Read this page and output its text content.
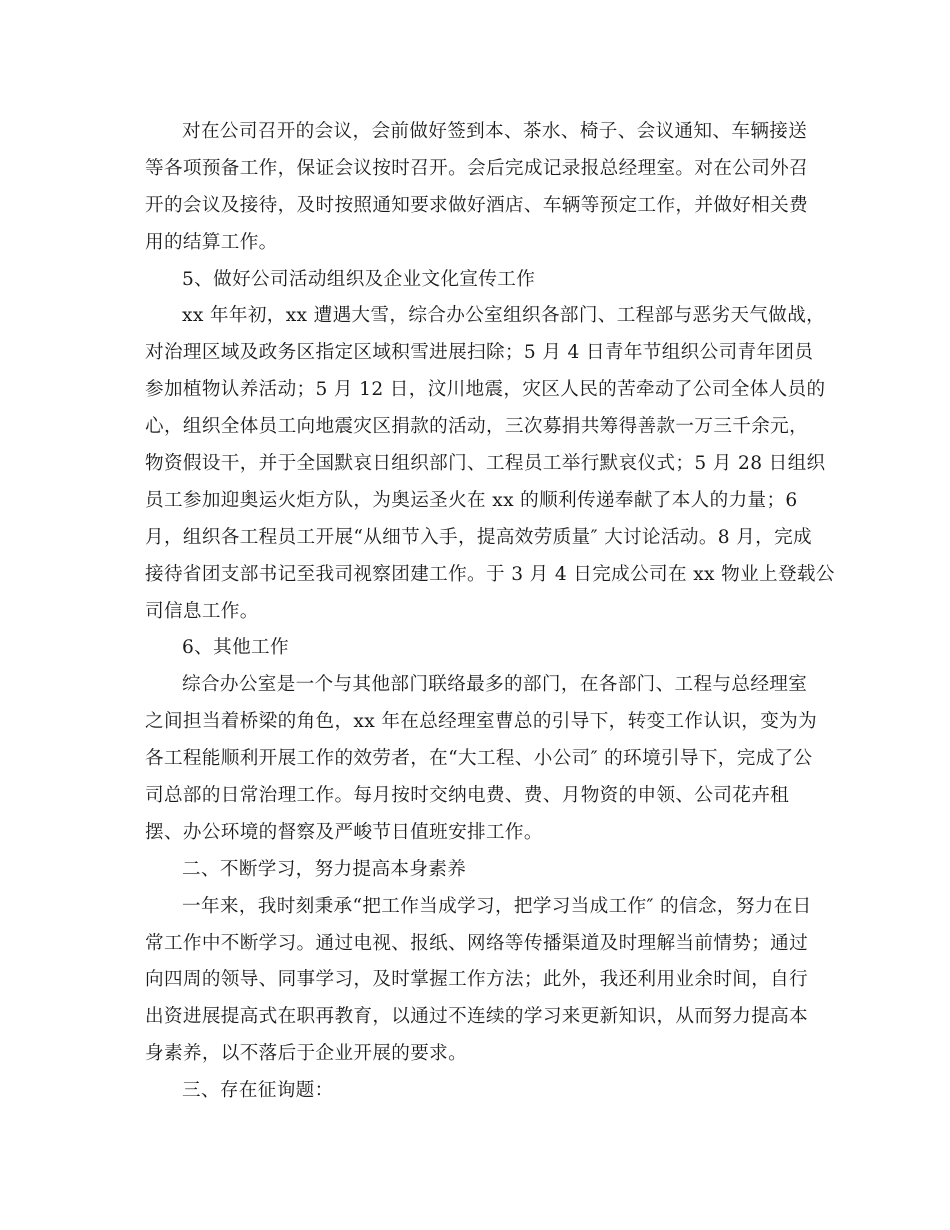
对在公司召开的会议，会前做好签到本、茶水、椅子、会议通知、车辆接送
等各项预备工作，保证会议按时召开。会后完成记录报总经理室。对在公司外召
开的会议及接待，及时按照通知要求做好酒店、车辆等预定工作，并做好相关费
用的结算工作。
5、做好公司活动组织及企业文化宣传工作
xx 年年初，xx 遭遇大雪，综合办公室组织各部门、工程部与恶劣天气做战，
对治理区域及政务区指定区域积雪进展扫除；5 月 4 日青年节组织公司青年团员
参加植物认养活动；5 月 12 日，汶川地震，灾区人民的苦牵动了公司全体人员的
心，组织全体员工向地震灾区捐款的活动，三次募捐共筹得善款一万三千余元，
物资假设干，并于全国默哀日组织部门、工程员工举行默哀仪式；5 月 28 日组织
员工参加迎奥运火炬方队，为奥运圣火在 xx 的顺利传递奉献了本人的力量；6
月，组织各工程员工开展“从细节入手，提高效劳质量″ 大讨论活动。8 月，完成
接待省团支部书记至我司视察团建工作。于 3 月 4 日完成公司在 xx 物业上登载公
司信息工作。
6、其他工作
综合办公室是一个与其他部门联络最多的部门，在各部门、工程与总经理室
之间担当着桥梁的角色，xx 年在总经理室曹总的引导下，转变工作认识，变为为
各工程能顺利开展工作的效劳者，在“大工程、小公司″ 的环境引导下，完成了公
司总部的日常治理工作。每月按时交纳电费、费、月物资的申领、公司花卉租
摆、办公环境的督察及严峻节日值班安排工作。
二、不断学习，努力提高本身素养
一年来，我时刻秉承“把工作当成学习，把学习当成工作″ 的信念，努力在日
常工作中不断学习。通过电视、报纸、网络等传播渠道及时理解当前情势；通过
向四周的领导、同事学习，及时掌握工作方法；此外，我还利用业余时间，自行
出资进展提高式在职再教育，以通过不连续的学习来更新知识，从而努力提高本
身素养，以不落后于企业开展的要求。
三、存在征询题：
